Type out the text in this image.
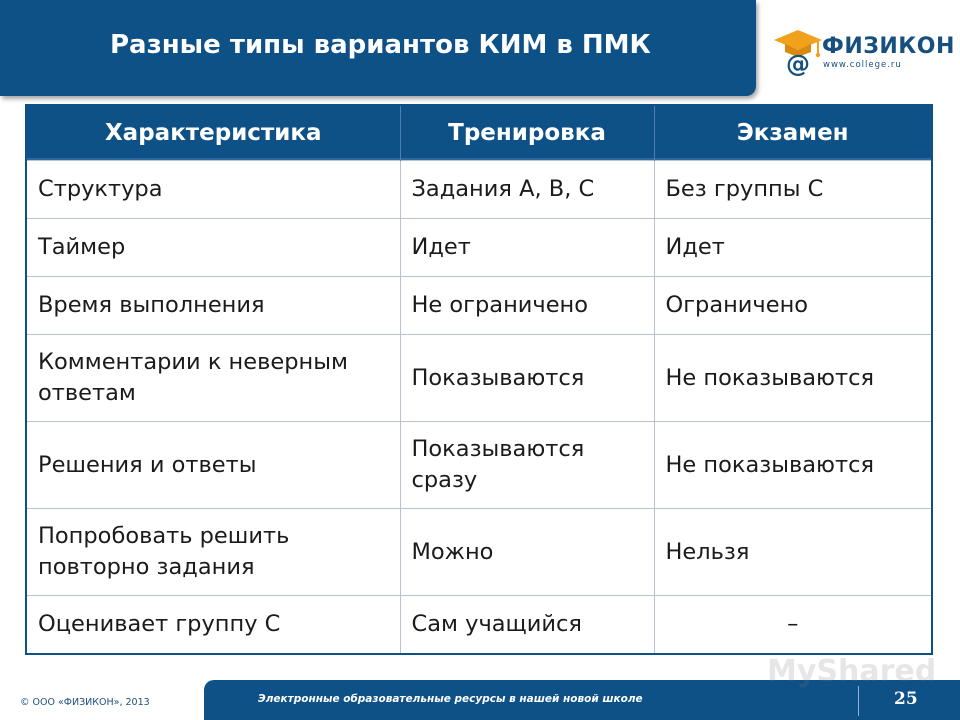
Разные типы вариантов КИМ в ПМК
@
ФИЗИКОН
www.college.ru
Характеристика	Тренировка	Экзамен
Структура	Задания A, B, C	Без группы C
Таймер	Идет	Идет
Время выполнения	Не ограничено	Ограничено
Комментарии к неверным ответам	Показываются	Не показываются
Решения и ответы	Показываются сразу	Не показываются
Попробовать решить повторно задания	Можно	Нельзя
Оценивает группу C	Сам учащийся	–
© ООО «ФИЗИКОН», 2013	Электронные образовательные ресурсы в нашей новой школе	25
MyShared
